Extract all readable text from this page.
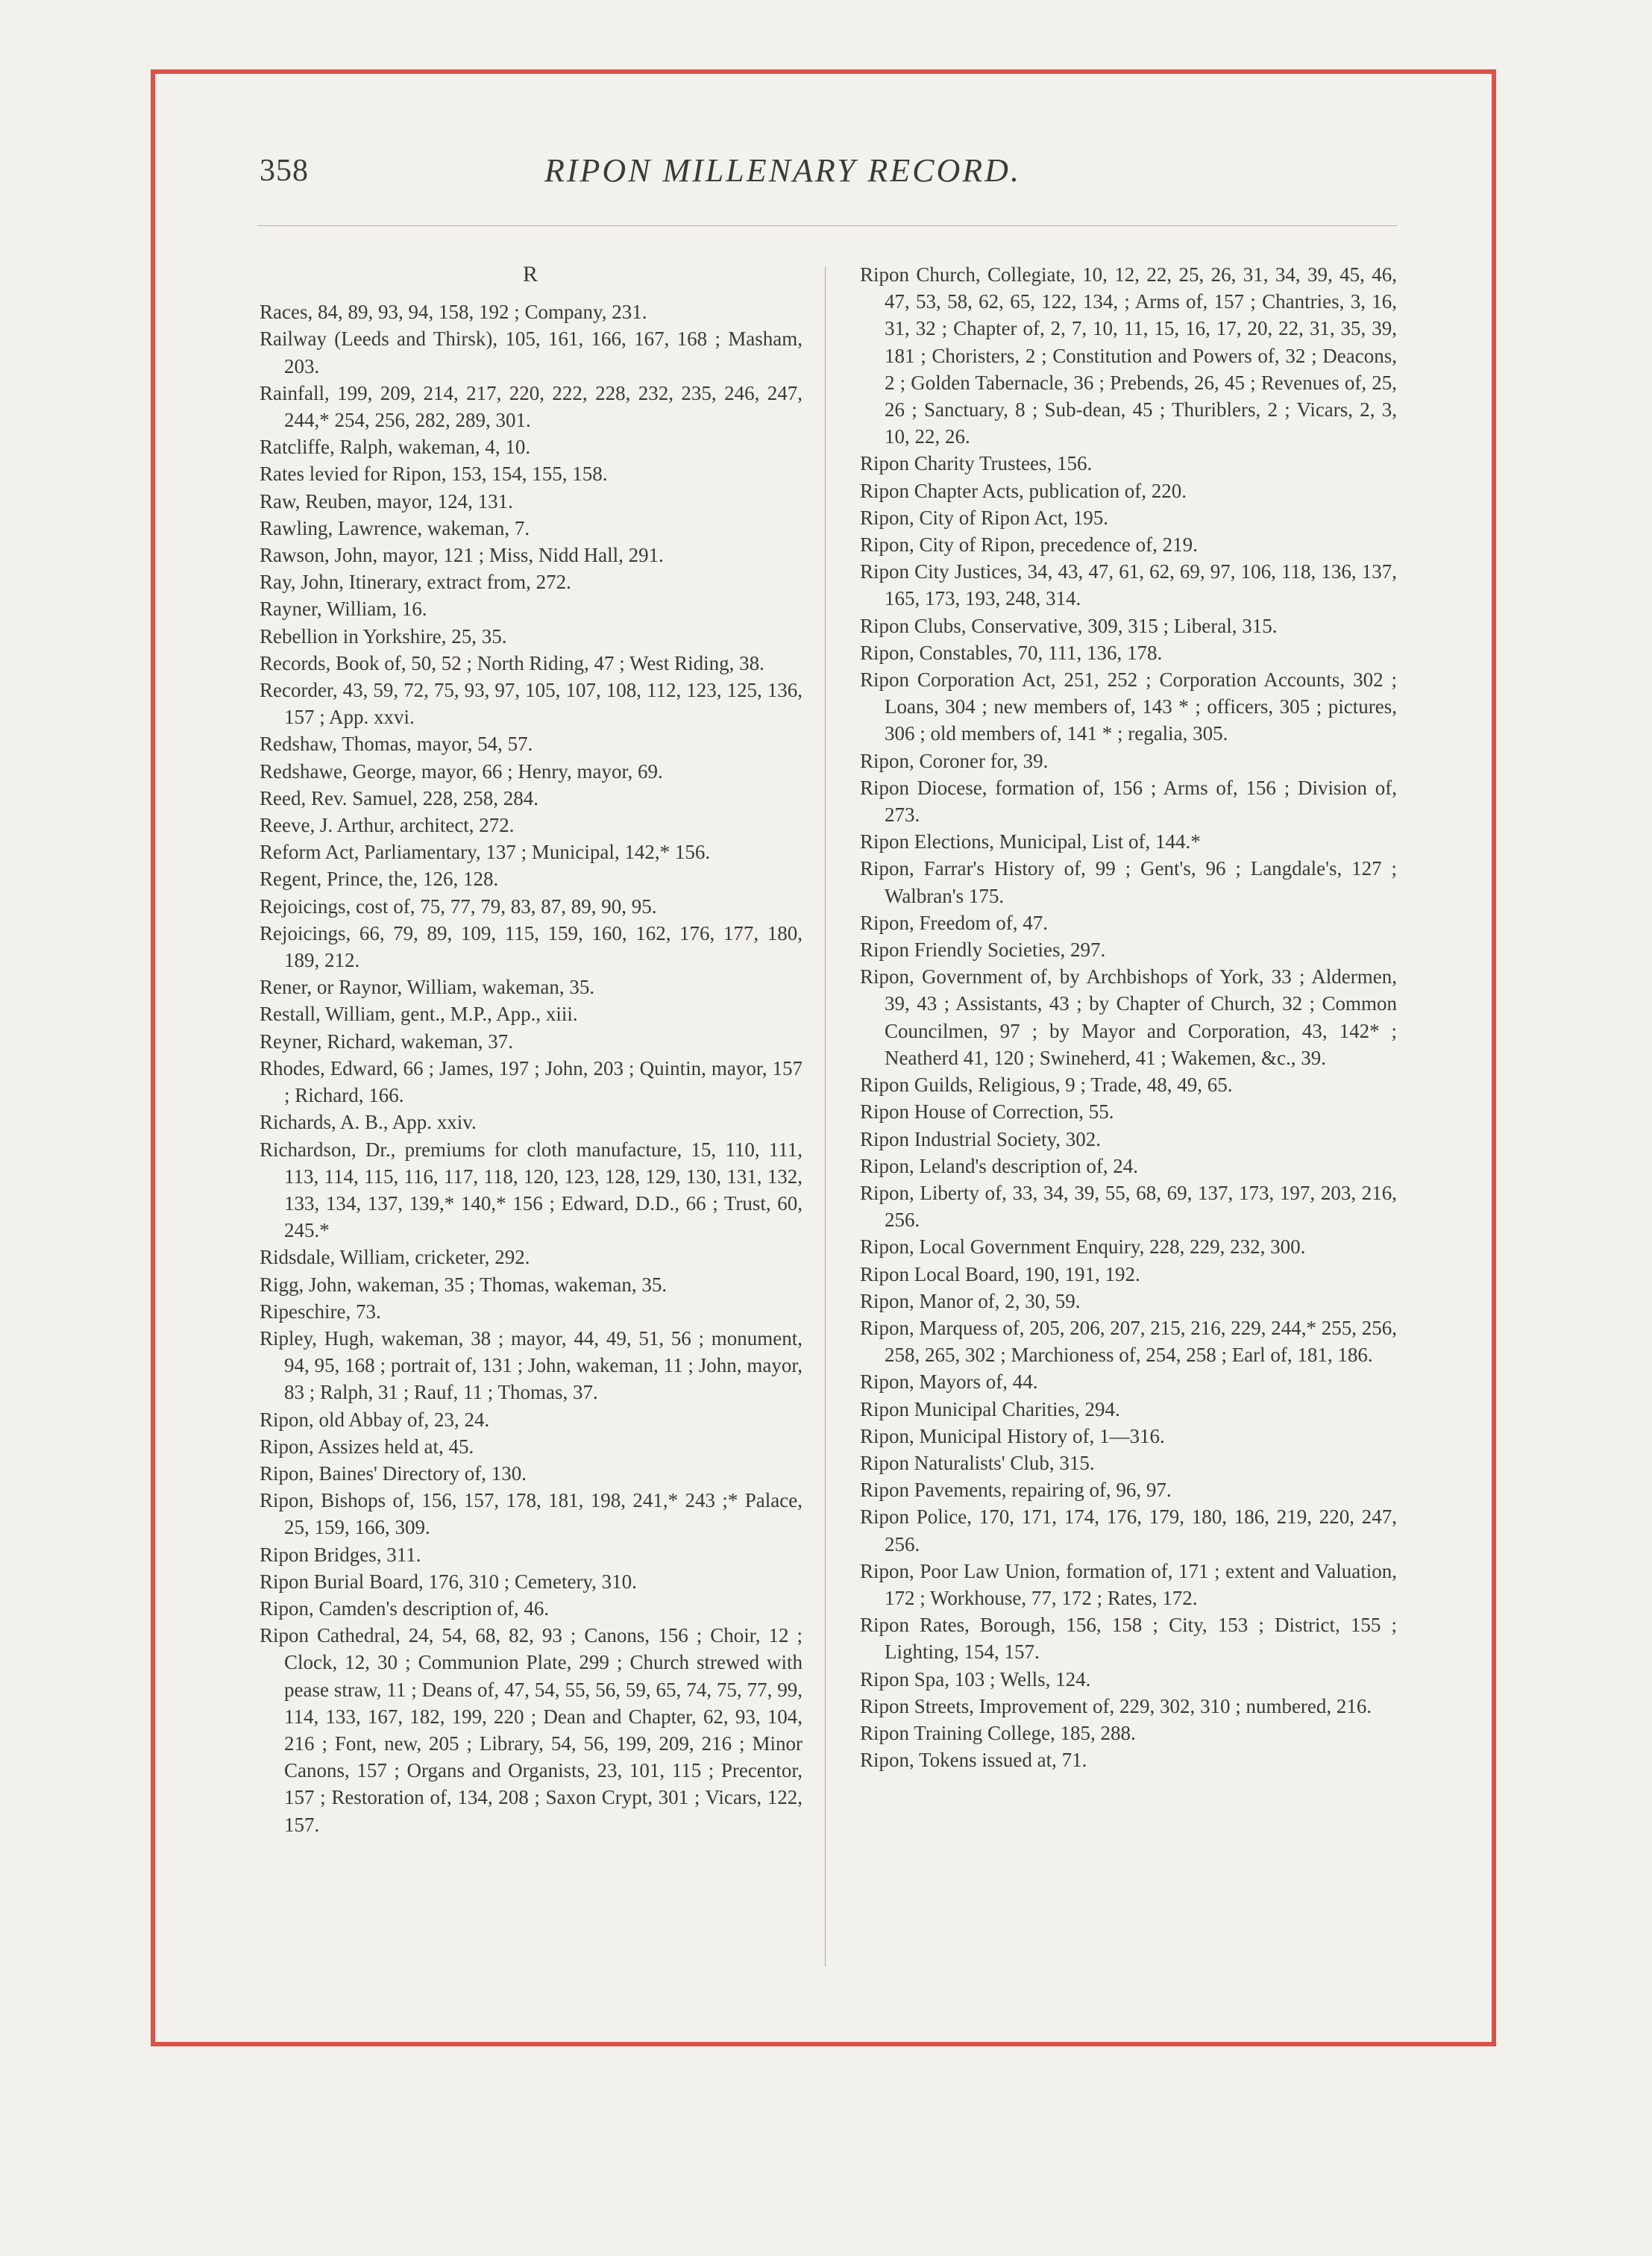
358	RIPON MILLENARY RECORD.
R

Races, 84, 89, 93, 94, 158, 192 ; Company, 231.

Railway (Leeds and Thirsk), 105, 161, 166, 167, 168 ; Masham, 203.

Rainfall, 199, 209, 214, 217, 220, 222, 228, 232, 235, 246, 247, 244,* 254, 256, 282, 289, 301.

Ratcliffe, Ralph, wakeman, 4, 10.

Rates levied for Ripon, 153, 154, 155, 158.

Raw, Reuben, mayor, 124, 131.

Rawling, Lawrence, wakeman, 7.

Rawson, John, mayor, 121 ; Miss, Nidd Hall, 291.

Ray, John, Itinerary, extract from, 272.

Rayner, William, 16.

Rebellion in Yorkshire, 25, 35.

Records, Book of, 50, 52 ; North Riding, 47 ; West Riding, 38.

Recorder, 43, 59, 72, 75, 93, 97, 105, 107, 108, 112, 123, 125, 136, 157 ; App. xxvi.

Redshaw, Thomas, mayor, 54, 57.

Redshawe, George, mayor, 66 ; Henry, mayor, 69.

Reed, Rev. Samuel, 228, 258, 284.

Reeve, J. Arthur, architect, 272.

Reform Act, Parliamentary, 137 ; Municipal, 142,* 156.

Regent, Prince, the, 126, 128.

Rejoicings, cost of, 75, 77, 79, 83, 87, 89, 90, 95.

Rejoicings, 66, 79, 89, 109, 115, 159, 160, 162, 176, 177, 180, 189, 212.

Rener, or Raynor, William, wakeman, 35.

Restall, William, gent., M.P., App., xiii.

Reyner, Richard, wakeman, 37.

Rhodes, Edward, 66 ; James, 197 ; John, 203 ; Quintin, mayor, 157 ; Richard, 166.

Richards, A. B., App. xxiv.

Richardson, Dr., premiums for cloth manufacture, 15, 110, 111, 113, 114, 115, 116, 117, 118, 120, 123, 128, 129, 130, 131, 132, 133, 134, 137, 139,* 140,* 156 ; Edward, D.D., 66 ; Trust, 60, 245.*

Ridsdale, William, cricketer, 292.

Rigg, John, wakeman, 35 ; Thomas, wakeman, 35.

Ripeschire, 73.

Ripley, Hugh, wakeman, 38 ; mayor, 44, 49, 51, 56 ; monument, 94, 95, 168 ; portrait of, 131 ; John, wakeman, 11 ; John, mayor, 83 ; Ralph, 31 ; Rauf, 11 ; Thomas, 37.

Ripon, old Abbay of, 23, 24.

Ripon, Assizes held at, 45.

Ripon, Baines' Directory of, 130.

Ripon, Bishops of, 156, 157, 178, 181, 198, 241,* 243 ;* Palace, 25, 159, 166, 309.

Ripon Bridges, 311.

Ripon Burial Board, 176, 310 ; Cemetery, 310.

Ripon, Camden's description of, 46.

Ripon Cathedral, 24, 54, 68, 82, 93 ; Canons, 156 ; Choir, 12 ; Clock, 12, 30 ; Communion Plate, 299 ; Church strewed with pease straw, 11 ; Deans of, 47, 54, 55, 56, 59, 65, 74, 75, 77, 99, 114, 133, 167, 182, 199, 220 ; Dean and Chapter, 62, 93, 104, 216 ; Font, new, 205 ; Library, 54, 56, 199, 209, 216 ; Minor Canons, 157 ; Organs and Organists, 23, 101, 115 ; Precentor, 157 ; Restoration of, 134, 208 ; Saxon Crypt, 301 ; Vicars, 122, 157.

Ripon Church, Collegiate, 10, 12, 22, 25, 26, 31, 34, 39, 45, 46, 47, 53, 58, 62, 65, 122, 134, ; Arms of, 157 ; Chantries, 3, 16, 31, 32 ; Chapter of, 2, 7, 10, 11, 15, 16, 17, 20, 22, 31, 35, 39, 181 ; Choristers, 2 ; Constitution and Powers of, 32 ; Deacons, 2 ; Golden Tabernacle, 36 ; Prebends, 26, 45 ; Revenues of, 25, 26 ; Sanctuary, 8 ; Sub-dean, 45 ; Thuriblers, 2 ; Vicars, 2, 3, 10, 22, 26.

Ripon Charity Trustees, 156.

Ripon Chapter Acts, publication of, 220.

Ripon, City of Ripon Act, 195.

Ripon, City of Ripon, precedence of, 219.

Ripon City Justices, 34, 43, 47, 61, 62, 69, 97, 106, 118, 136, 137, 165, 173, 193, 248, 314.

Ripon Clubs, Conservative, 309, 315 ; Liberal, 315.

Ripon, Constables, 70, 111, 136, 178.

Ripon Corporation Act, 251, 252 ; Corporation Accounts, 302 ; Loans, 304 ; new members of, 143 * ; officers, 305 ; pictures, 306 ; old members of, 141 * ; regalia, 305.

Ripon, Coroner for, 39.

Ripon Diocese, formation of, 156 ; Arms of, 156 ; Division of, 273.

Ripon Elections, Municipal, List of, 144.*

Ripon, Farrar's History of, 99 ; Gent's, 96 ; Langdale's, 127 ; Walbran's 175.

Ripon, Freedom of, 47.

Ripon Friendly Societies, 297.

Ripon, Government of, by Archbishops of York, 33 ; Aldermen, 39, 43 ; Assistants, 43 ; by Chapter of Church, 32 ; Common Councilmen, 97 ; by Mayor and Corporation, 43, 142* ; Neatherd 41, 120 ; Swineherd, 41 ; Wakemen, &c., 39.

Ripon Guilds, Religious, 9 ; Trade, 48, 49, 65.

Ripon House of Correction, 55.

Ripon Industrial Society, 302.

Ripon, Leland's description of, 24.

Ripon, Liberty of, 33, 34, 39, 55, 68, 69, 137, 173, 197, 203, 216, 256.

Ripon, Local Government Enquiry, 228, 229, 232, 300.

Ripon Local Board, 190, 191, 192.

Ripon, Manor of, 2, 30, 59.

Ripon, Marquess of, 205, 206, 207, 215, 216, 229, 244,* 255, 256, 258, 265, 302 ; Marchioness of, 254, 258 ; Earl of, 181, 186.

Ripon, Mayors of, 44.

Ripon Municipal Charities, 294.

Ripon, Municipal History of, 1—316.

Ripon Naturalists' Club, 315.

Ripon Pavements, repairing of, 96, 97.

Ripon Police, 170, 171, 174, 176, 179, 180, 186, 219, 220, 247, 256.

Ripon, Poor Law Union, formation of, 171 ; extent and Valuation, 172 ; Workhouse, 77, 172 ; Rates, 172.

Ripon Rates, Borough, 156, 158 ; City, 153 ; District, 155 ; Lighting, 154, 157.

Ripon Spa, 103 ; Wells, 124.

Ripon Streets, Improvement of, 229, 302, 310 ; numbered, 216.

Ripon Training College, 185, 288.

Ripon, Tokens issued at, 71.
